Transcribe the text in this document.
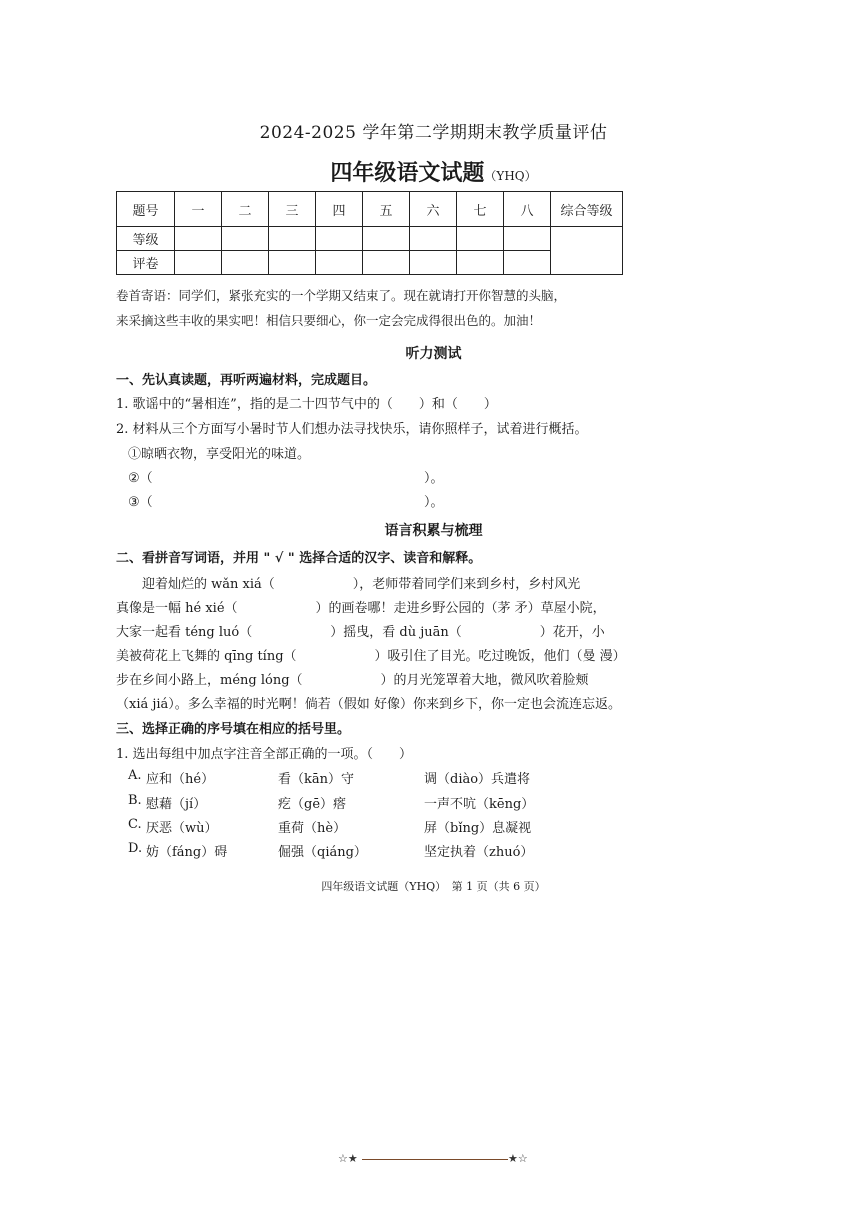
2024-2025 学年第二学期期末教学质量评估
四年级语文试题（YHQ）
题号	一	二	三	四	五	六	七	八	综合等级
等级									
评卷									
卷首寄语：同学们，紧张充实的一个学期又结束了。现在就请打开你智慧的头脑，
来采摘这些丰收的果实吧！相信只要细心，你一定会完成得很出色的。加油！
听力测试
一、先认真读题，再听两遍材料，完成题目。
1. 歌谣中的“暑相连”，指的是二十四节气中的（　　）和（　　）
2. 材料从三个方面写小暑时节人们想办法寻找快乐，请你照样子，试着进行概括。
①晾晒衣物，享受阳光的味道。
②（	）。
③（	）。
语言积累与梳理
二、看拼音写词语，并用 " √ " 选择合适的汉字、读音和解释。
　　迎着灿烂的 wǎn xiá（　　　　　　），老师带着同学们来到乡村，乡村风光
真像是一幅 hé xié（　　　　　　）的画卷哪！走进乡野公园的（茅 矛）草屋小院，
大家一起看 téng luó（　　　　　　）摇曳，看 dù juān（　　　　　　）花开，小
美被荷花上飞舞的 qīng tíng（　　　　　　）吸引住了目光。吃过晚饭，他们（曼 漫）
步在乡间小路上，méng lóng（　　　　　　）的月光笼罩着大地，微风吹着脸颊
（xiá jiá）。多么幸福的时光啊！倘若（假如 好像）你来到乡下，你一定也会流连忘返。
三、选择正确的序号填在相应的括号里。
1. 选出每组中加点字注音全部正确的一项。（　　）
A. 应和（hé）	看（kān）守	调（diào）兵遣将
B. 慰藉（jí）	疙（gē）瘩	一声不吭（kēng）
C. 厌恶（wù）	重荷（hè）	屏（bǐng）息凝视
D. 妨（fáng）碍	倔强（qiáng）	坚定执着（zhuó）
四年级语文试题（YHQ）　第 1 页（共 6 页）
☆★	★☆
